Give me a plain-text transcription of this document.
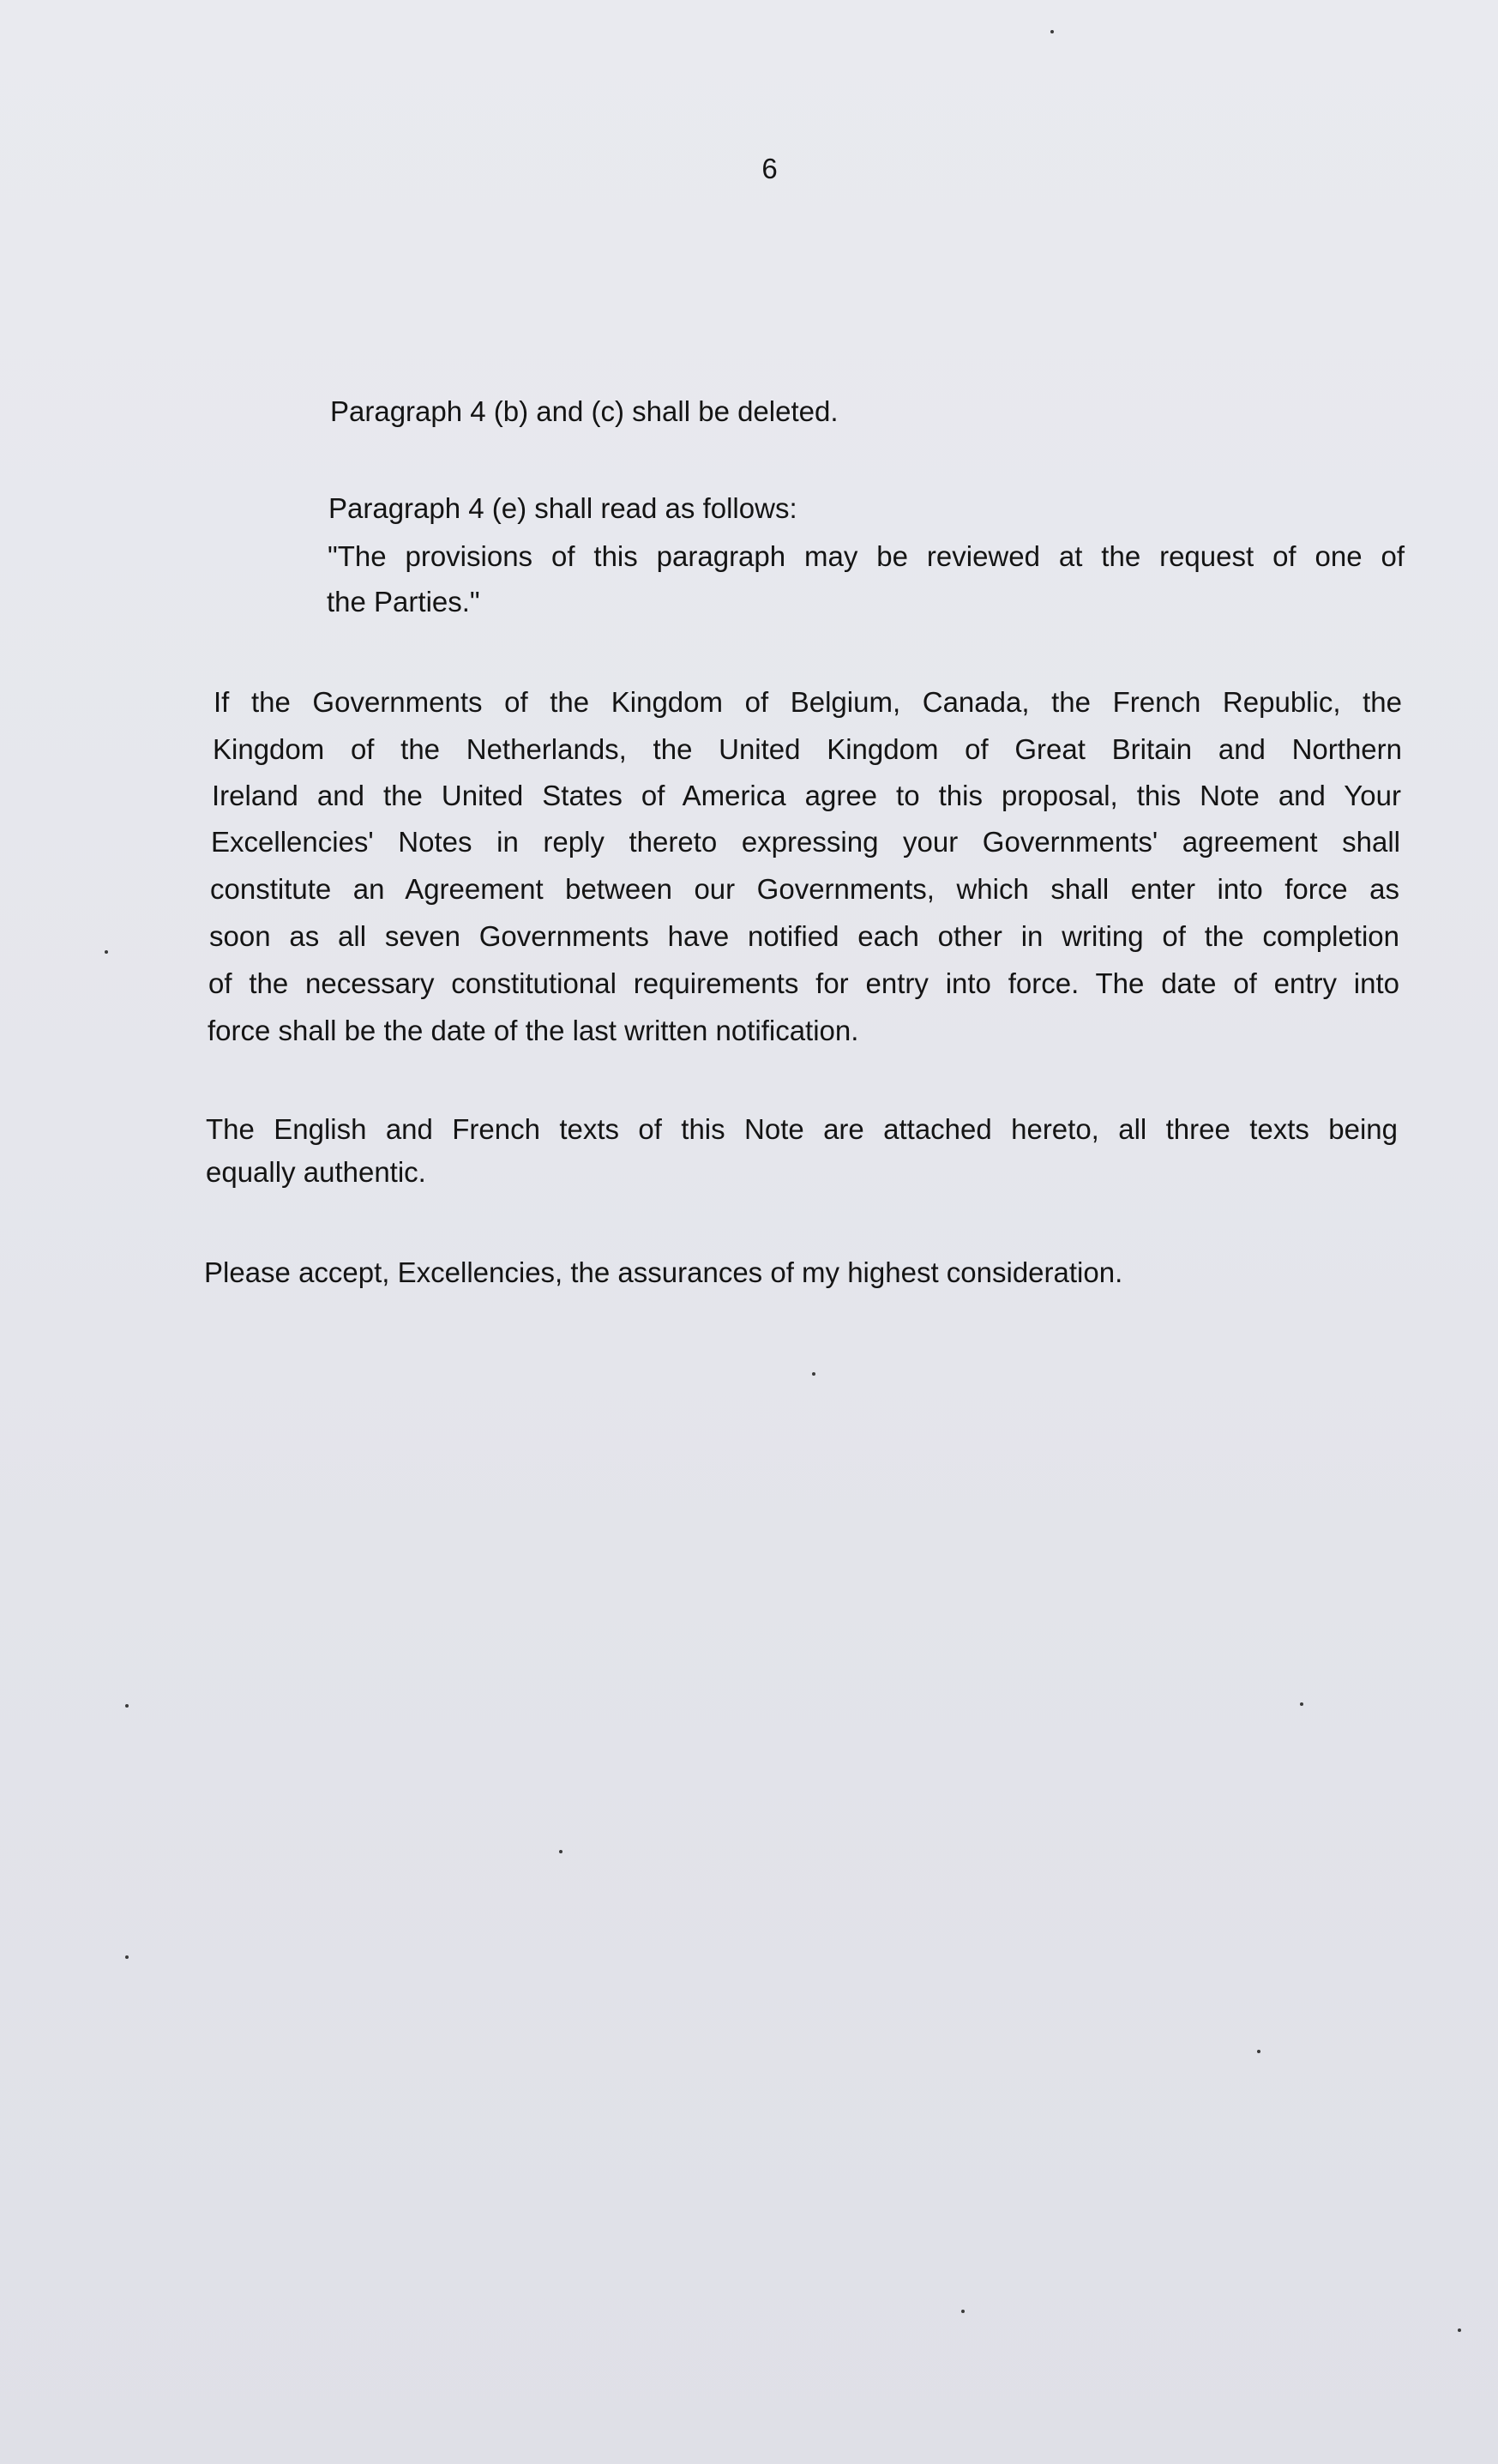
6
Paragraph 4 (b) and (c) shall be deleted.
Paragraph 4 (e) shall read as follows:
"The provisions of this paragraph may be reviewed at the request of one of
the Parties."
If the Governments of the Kingdom of Belgium, Canada, the French Republic, the
Kingdom of the Netherlands, the United Kingdom of Great Britain and Northern
Ireland and the United States of America agree to this proposal, this Note and Your
Excellencies' Notes in reply thereto expressing your Governments' agreement shall
constitute an Agreement between our Governments, which shall enter into force as
soon as all seven Governments have notified each other in writing of the completion
of the necessary constitutional requirements for entry into force. The date of entry into
force shall be the date of the last written notification.
The English and French texts of this Note are attached hereto, all three texts being
equally authentic.
Please accept, Excellencies, the assurances of my highest consideration.
